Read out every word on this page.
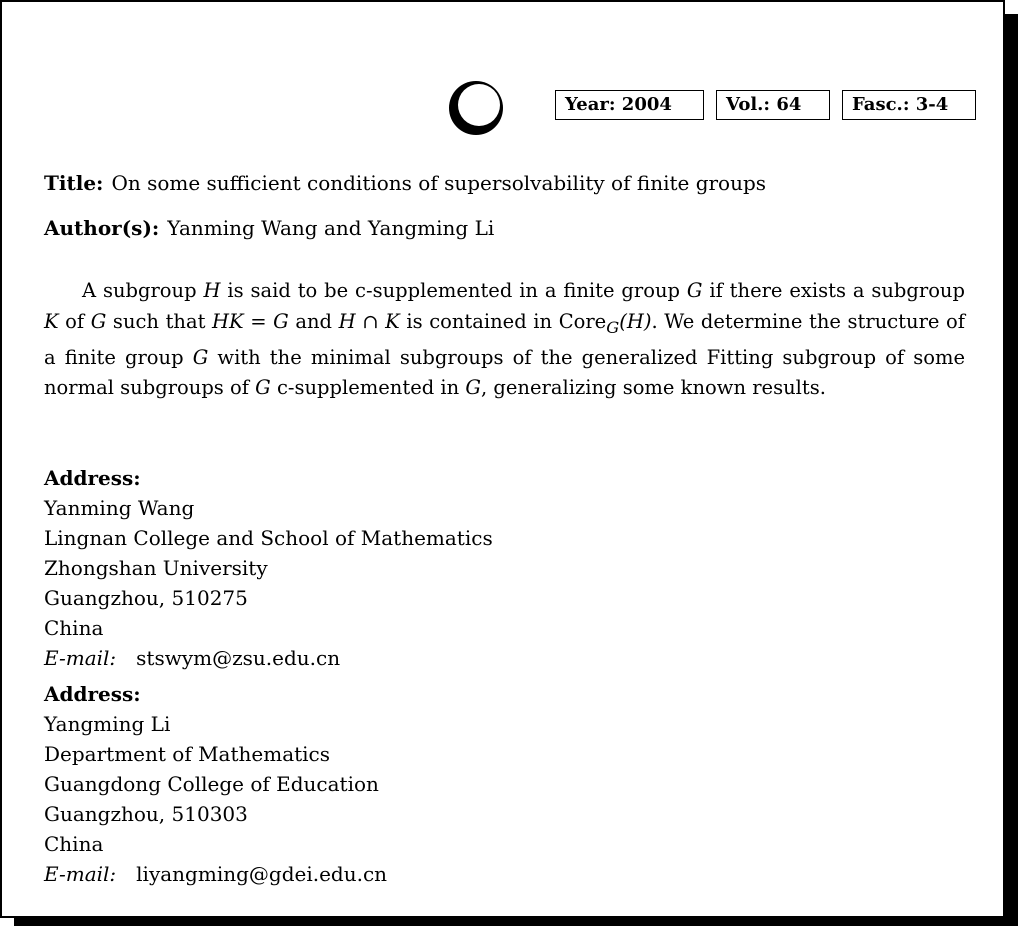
Year: 2004	Vol.: 64	Fasc.: 3-4
Title: On some sufficient conditions of supersolvability of finite groups
Author(s): Yanming Wang and Yangming Li
A subgroup H is said to be c-supplemented in a finite group G if there exists a subgroup K of G such that HK = G and H ∩ K is contained in Core$_G$(H). We determine the structure of a finite group G with the minimal subgroups of the generalized Fitting subgroup of some normal subgroups of G c-supplemented in G, generalizing some known results.
Address:
Yanming Wang
Lingnan College and School of Mathematics
Zhongshan University
Guangzhou, 510275
China
E-mail: stswym@zsu.edu.cn
Address:
Yangming Li
Department of Mathematics
Guangdong College of Education
Guangzhou, 510303
China
E-mail: liyangming@gdei.edu.cn
